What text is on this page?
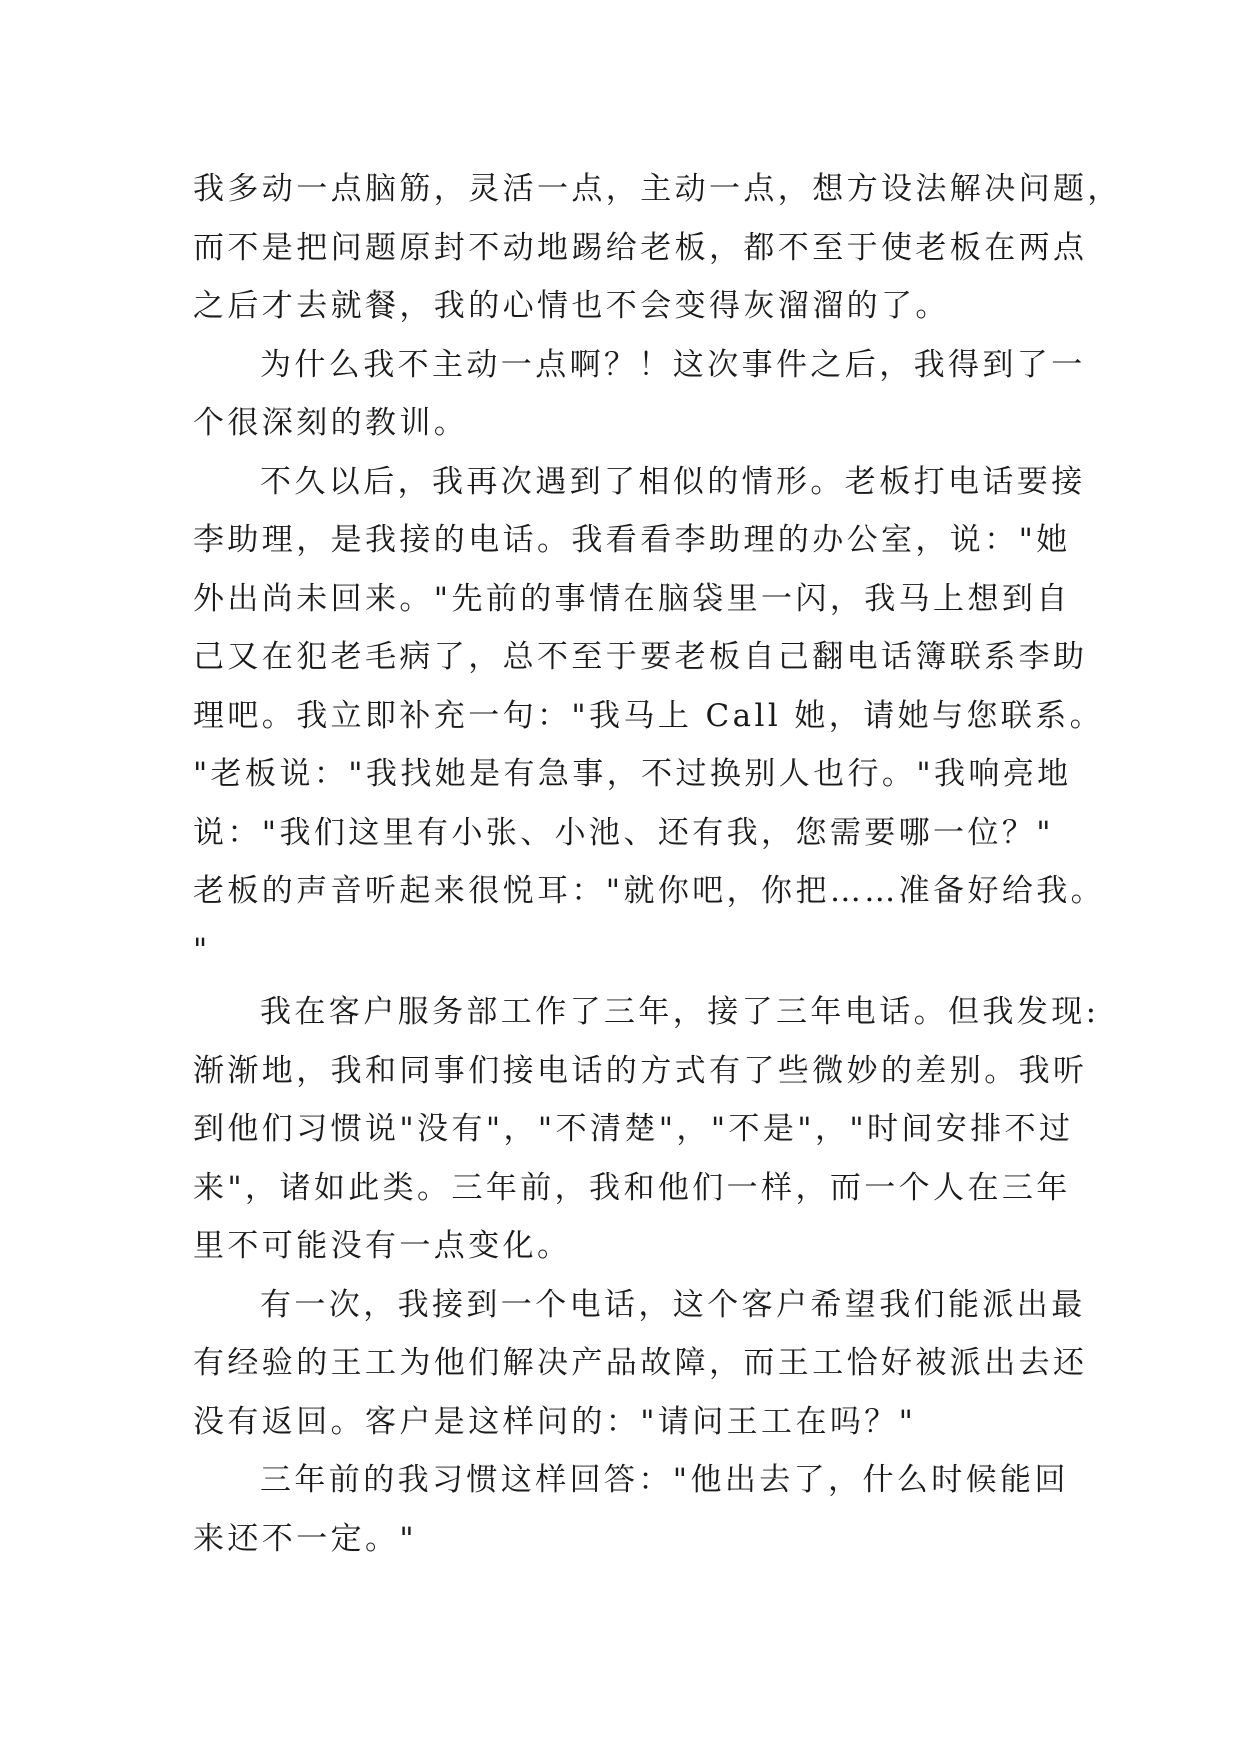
我多动一点脑筋，灵活一点，主动一点，想方设法解决问题，
而不是把问题原封不动地踢给老板，都不至于使老板在两点
之后才去就餐，我的心情也不会变得灰溜溜的了。
为什么我不主动一点啊？！这次事件之后，我得到了一
个很深刻的教训。
不久以后，我再次遇到了相似的情形。老板打电话要接
李助理，是我接的电话。我看看李助理的办公室，说："她
外出尚未回来。"先前的事情在脑袋里一闪，我马上想到自
己又在犯老毛病了，总不至于要老板自己翻电话簿联系李助
理吧。我立即补充一句："我马上 Call 她，请她与您联系。
"老板说："我找她是有急事，不过换别人也行。"我响亮地
说："我们这里有小张、小池、还有我，您需要哪一位？"
老板的声音听起来很悦耳："就你吧，你把……准备好给我。
"
我在客户服务部工作了三年，接了三年电话。但我发现:
渐渐地，我和同事们接电话的方式有了些微妙的差别。我听
到他们习惯说"没有"，"不清楚"，"不是"，"时间安排不过
来"，诸如此类。三年前，我和他们一样，而一个人在三年
里不可能没有一点变化。
有一次，我接到一个电话，这个客户希望我们能派出最
有经验的王工为他们解决产品故障，而王工恰好被派出去还
没有返回。客户是这样问的："请问王工在吗？"
三年前的我习惯这样回答："他出去了，什么时候能回
来还不一定。"
